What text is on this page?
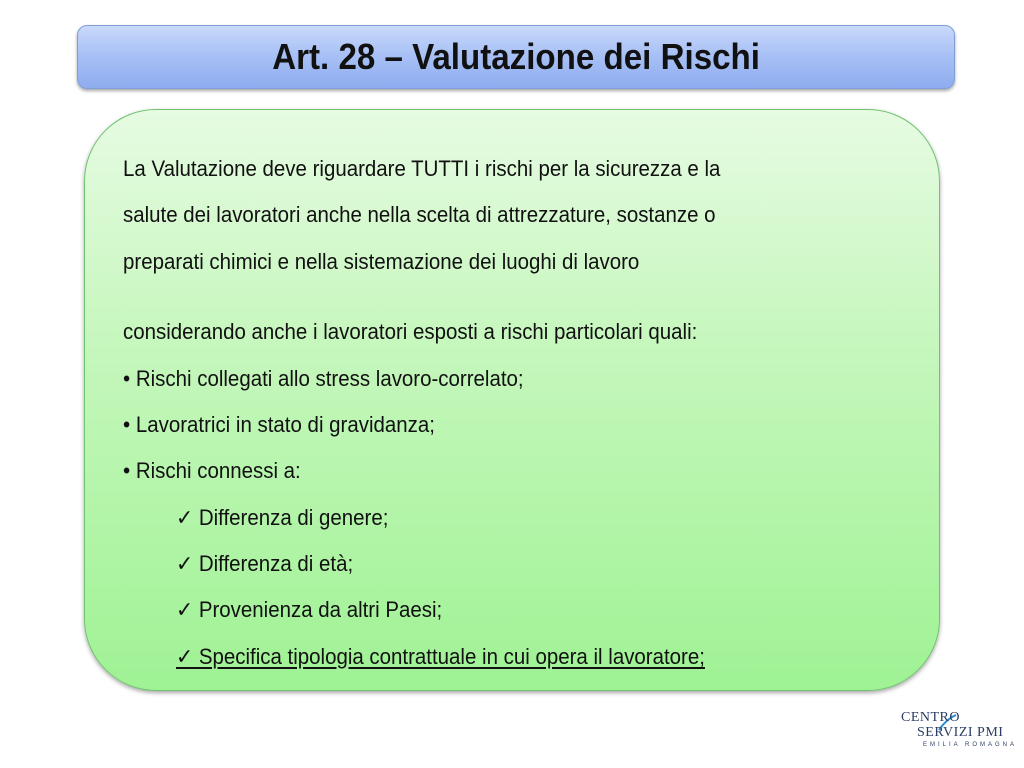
Art. 28 – Valutazione dei Rischi
La Valutazione deve riguardare TUTTI i rischi per la sicurezza e la
salute dei lavoratori anche nella scelta di attrezzature, sostanze o
preparati chimici e nella sistemazione dei luoghi di lavoro
considerando anche i lavoratori esposti a rischi particolari quali:
• Rischi collegati allo stress lavoro-correlato;
• Lavoratrici in stato di gravidanza;
• Rischi connessi a:
✓ Differenza di genere;
✓ Differenza di età;
✓ Provenienza da altri Paesi;
✓ Specifica tipologia contrattuale in cui opera il lavoratore;
CENTRO
SERVIZI PMI
EMILIA ROMAGNA
